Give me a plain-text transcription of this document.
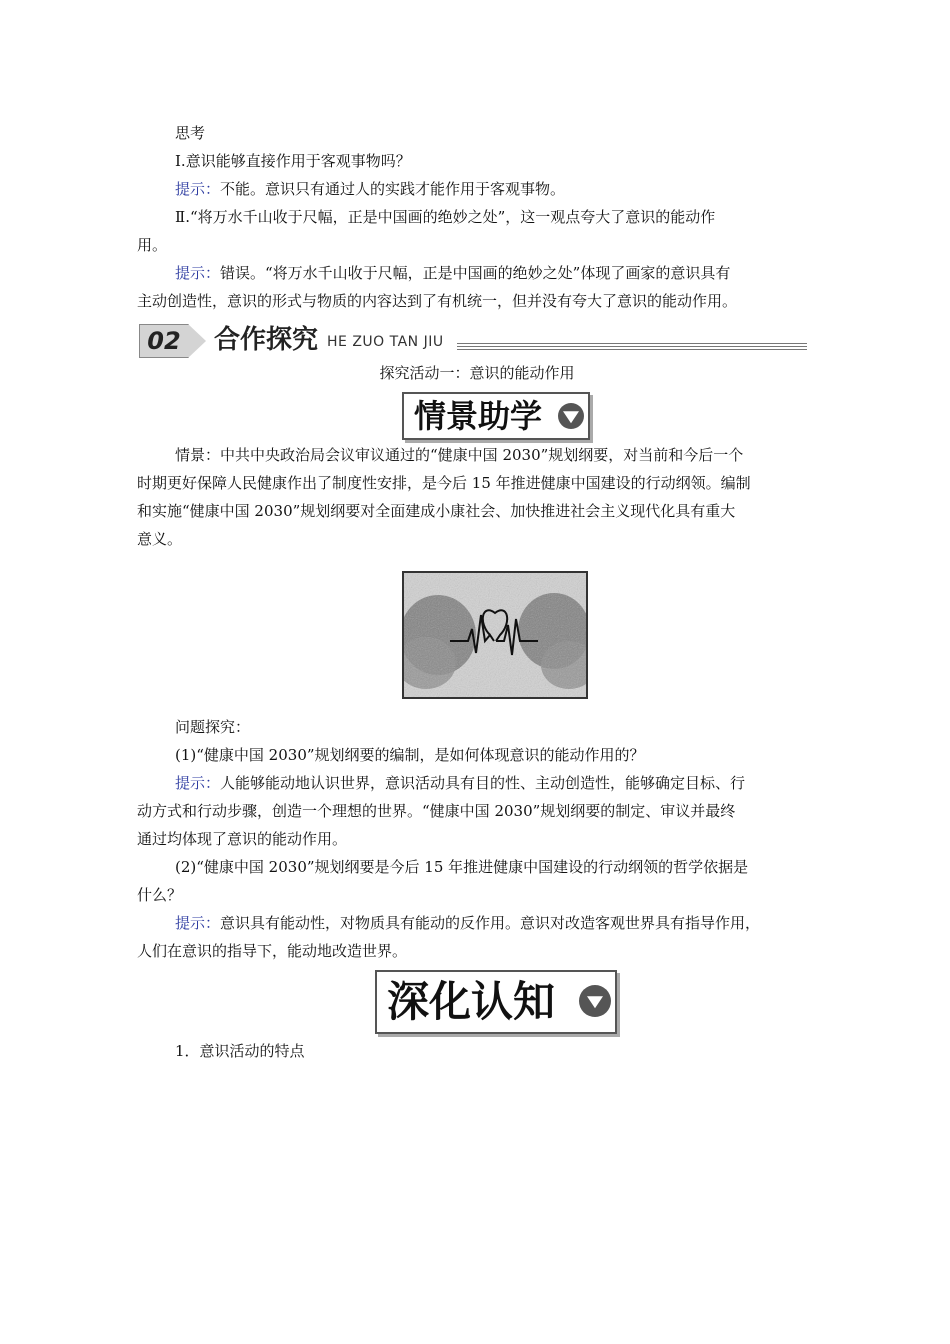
思考
Ⅰ.意识能够直接作用于客观事物吗？
提示：不能。意识只有通过人的实践才能作用于客观事物。
Ⅱ.“将万水千山收于尺幅，正是中国画的绝妙之处”，这一观点夸大了意识的能动作
用。
提示：错误。“将万水千山收于尺幅，正是中国画的绝妙之处”体现了画家的意识具有
主动创造性，意识的形式与物质的内容达到了有机统一，但并没有夸大了意识的能动作用。
02	合作探究 HE ZUO TAN JIU
探究活动一：意识的能动作用
情景助学
情景：中共中央政治局会议审议通过的“健康中国 2030”规划纲要，对当前和今后一个
时期更好保障人民健康作出了制度性安排，是今后 15 年推进健康中国建设的行动纲领。编制
和实施“健康中国 2030”规划纲要对全面建成小康社会、加快推进社会主义现代化具有重大
意义。
问题探究：
(1)“健康中国 2030”规划纲要的编制，是如何体现意识的能动作用的？
提示：人能够能动地认识世界，意识活动具有目的性、主动创造性，能够确定目标、行
动方式和行动步骤，创造一个理想的世界。“健康中国 2030”规划纲要的制定、审议并最终
通过均体现了意识的能动作用。
(2)“健康中国 2030”规划纲要是今后 15 年推进健康中国建设的行动纲领的哲学依据是
什么？
提示：意识具有能动性，对物质具有能动的反作用。意识对改造客观世界具有指导作用，
人们在意识的指导下，能动地改造世界。
深化认知
1．意识活动的特点
